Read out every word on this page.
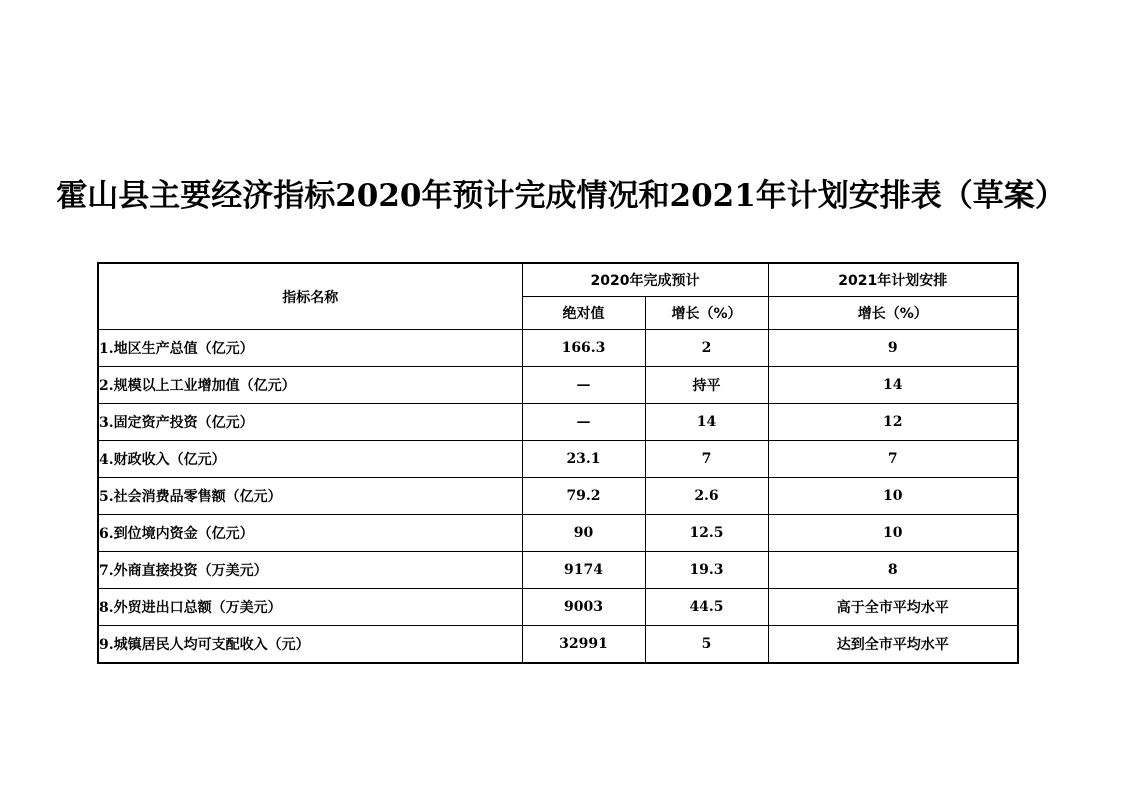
霍山县主要经济指标2020年预计完成情况和2021年计划安排表（草案）
指标名称	2020年完成预计		2021年计划安排
	绝对值	增长（%）	增长（%）
1.地区生产总值（亿元）	166.3	2	9
2.规模以上工业增加值（亿元）	—	持平	14
3.固定资产投资（亿元）	—	14	12
4.财政收入（亿元）	23.1	7	7
5.社会消费品零售额（亿元）	79.2	2.6	10
6.到位境内资金（亿元）	90	12.5	10
7.外商直接投资（万美元）	9174	19.3	8
8.外贸进出口总额（万美元）	9003	44.5	高于全市平均水平
9.城镇居民人均可支配收入（元）	32991	5	达到全市平均水平
